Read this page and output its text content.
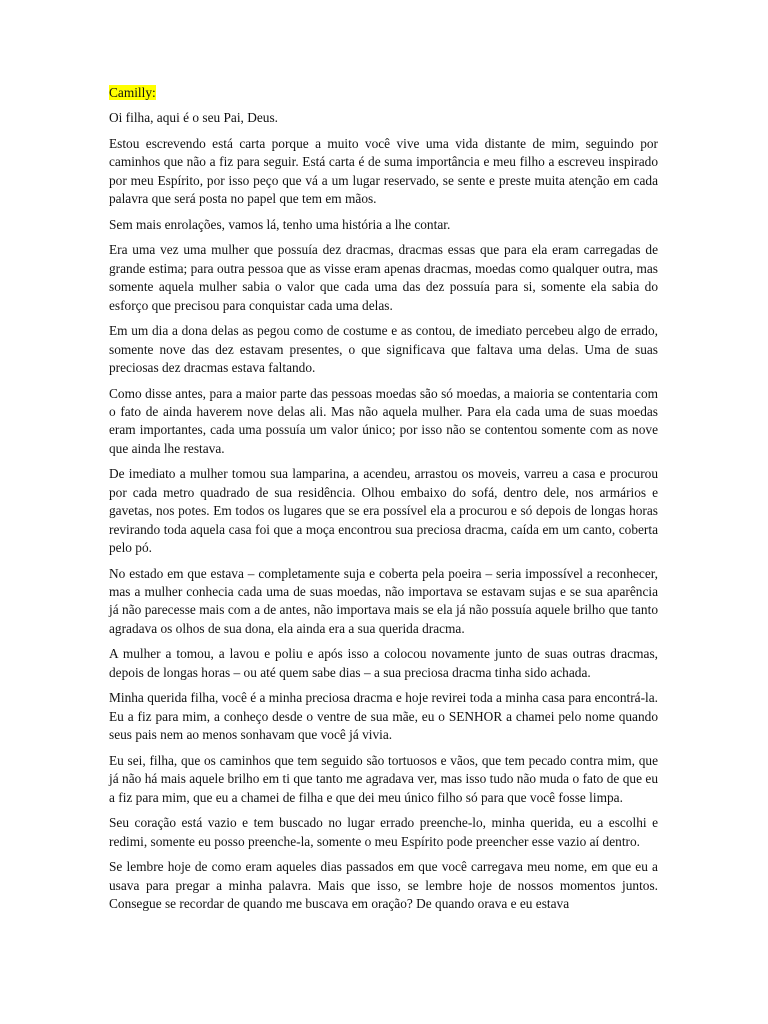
Camilly:

Oi filha, aqui é o seu Pai, Deus.

Estou escrevendo está carta porque a muito você vive uma vida distante de mim, seguindo por caminhos que não a fiz para seguir. Está carta é de suma importância e meu filho a escreveu inspirado por meu Espírito, por isso peço que vá a um lugar reservado, se sente e preste muita atenção em cada palavra que será posta no papel que tem em mãos.

Sem mais enrolações, vamos lá, tenho uma história a lhe contar.

Era uma vez uma mulher que possuía dez dracmas, dracmas essas que para ela eram carregadas de grande estima; para outra pessoa que as visse eram apenas dracmas, moedas como qualquer outra, mas somente aquela mulher sabia o valor que cada uma das dez possuía para si, somente ela sabia do esforço que precisou para conquistar cada uma delas.

Em um dia a dona delas as pegou como de costume e as contou, de imediato percebeu algo de errado, somente nove das dez estavam presentes, o que significava que faltava uma delas. Uma de suas preciosas dez dracmas estava faltando.

Como disse antes, para a maior parte das pessoas moedas são só moedas, a maioria se contentaria com o fato de ainda haverem nove delas ali. Mas não aquela mulher. Para ela cada uma de suas moedas eram importantes, cada uma possuía um valor único; por isso não se contentou somente com as nove que ainda lhe restava.

De imediato a mulher tomou sua lamparina, a acendeu, arrastou os moveis, varreu a casa e procurou por cada metro quadrado de sua residência. Olhou embaixo do sofá, dentro dele, nos armários e gavetas, nos potes. Em todos os lugares que se era possível ela a procurou e só depois de longas horas revirando toda aquela casa foi que a moça encontrou sua preciosa dracma, caída em um canto, coberta pelo pó.

No estado em que estava – completamente suja e coberta pela poeira – seria impossível a reconhecer, mas a mulher conhecia cada uma de suas moedas, não importava se estavam sujas e se sua aparência já não parecesse mais com a de antes, não importava mais se ela já não possuía aquele brilho que tanto agradava os olhos de sua dona, ela ainda era a sua querida dracma.

A mulher a tomou, a lavou e poliu e após isso a colocou novamente junto de suas outras dracmas, depois de longas horas – ou até quem sabe dias – a sua preciosa dracma tinha sido achada.

Minha querida filha, você é a minha preciosa dracma e hoje revirei toda a minha casa para encontrá-la. Eu a fiz para mim, a conheço desde o ventre de sua mãe, eu o SENHOR a chamei pelo nome quando seus pais nem ao menos sonhavam que você já vivia.

Eu sei, filha, que os caminhos que tem seguido são tortuosos e vãos, que tem pecado contra mim, que já não há mais aquele brilho em ti que tanto me agradava ver, mas isso tudo não muda o fato de que eu a fiz para mim, que eu a chamei de filha e que dei meu único filho só para que você fosse limpa.

Seu coração está vazio e tem buscado no lugar errado preenche-lo, minha querida, eu a escolhi e redimi, somente eu posso preenche-la, somente o meu Espírito pode preencher esse vazio aí dentro.

Se lembre hoje de como eram aqueles dias passados em que você carregava meu nome, em que eu a usava para pregar a minha palavra. Mais que isso, se lembre hoje de nossos momentos juntos. Consegue se recordar de quando me buscava em oração? De quando orava e eu estava
